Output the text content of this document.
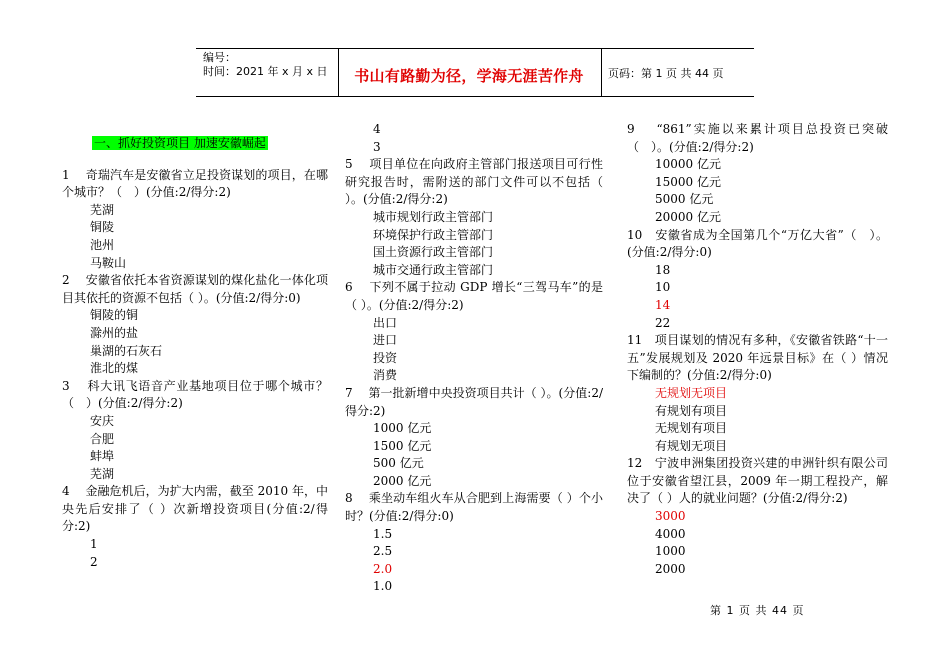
编号：
时间：2021 年 x 月 x 日	书山有路勤为径，学海无涯苦作舟	页码：第 1 页 共 44 页
一、抓好投资项目 加速安徽崛起

1　 奇瑞汽车是安徽省立足投资谋划的项目，在哪个城市？（　）(分值:2/得分:2)

芜湖

铜陵

池州

马鞍山

2　 安徽省依托本省资源谋划的煤化盐化一体化项目其依托的资源不包括（ ）。(分值:2/得分:0)

铜陵的铜

滁州的盐

巢湖的石灰石

淮北的煤

3　 科大讯飞语音产业基地项目位于哪个城市？（　）(分值:2/得分:2)

安庆

合肥

蚌埠

芜湖

4　 金融危机后，为扩大内需，截至 2010 年，中央先后安排了（ ）次新增投资项目(分值:2/得分:2)

1

2

4

3

5　 项目单位在向政府主管部门报送项目可行性研究报告时，需附送的部门文件可以不包括（ ）。(分值:2/得分:2)

城市规划行政主管部门

环境保护行政主管部门

国土资源行政主管部门

城市交通行政主管部门

6　 下列不属于拉动 GDP 增长“三驾马车”的是（ ）。(分值:2/得分:2)

出口

进口

投资

消费

7　 第一批新增中央投资项目共计（ ）。(分值:2/得分:2)

1000 亿元

1500 亿元

500 亿元

2000 亿元

8　 乘坐动车组火车从合肥到上海需要（ ）个小时？(分值:2/得分:0)

1.5

2.5

2.0

1.0

9　 “861”实施以来累计项目总投资已突破（　）。(分值:2/得分:2)

10000 亿元

15000 亿元

5000 亿元

20000 亿元

10　安徽省成为全国第几个“万亿大省”（　）。(分值:2/得分:0)

18

10

14

22

11　项目谋划的情况有多种，《安徽省铁路“十一五”发展规划及 2020 年远景目标》在（ ）情况下编制的？(分值:2/得分:0)

无规划无项目

有规划有项目

无规划有项目

有规划无项目

12　宁波申洲集团投资兴建的申洲针织有限公司位于安徽省望江县，2009 年一期工程投产，解决了（ ）人的就业问题？(分值:2/得分:2)

3000

4000

1000

2000

第 1 页 共 44 页
